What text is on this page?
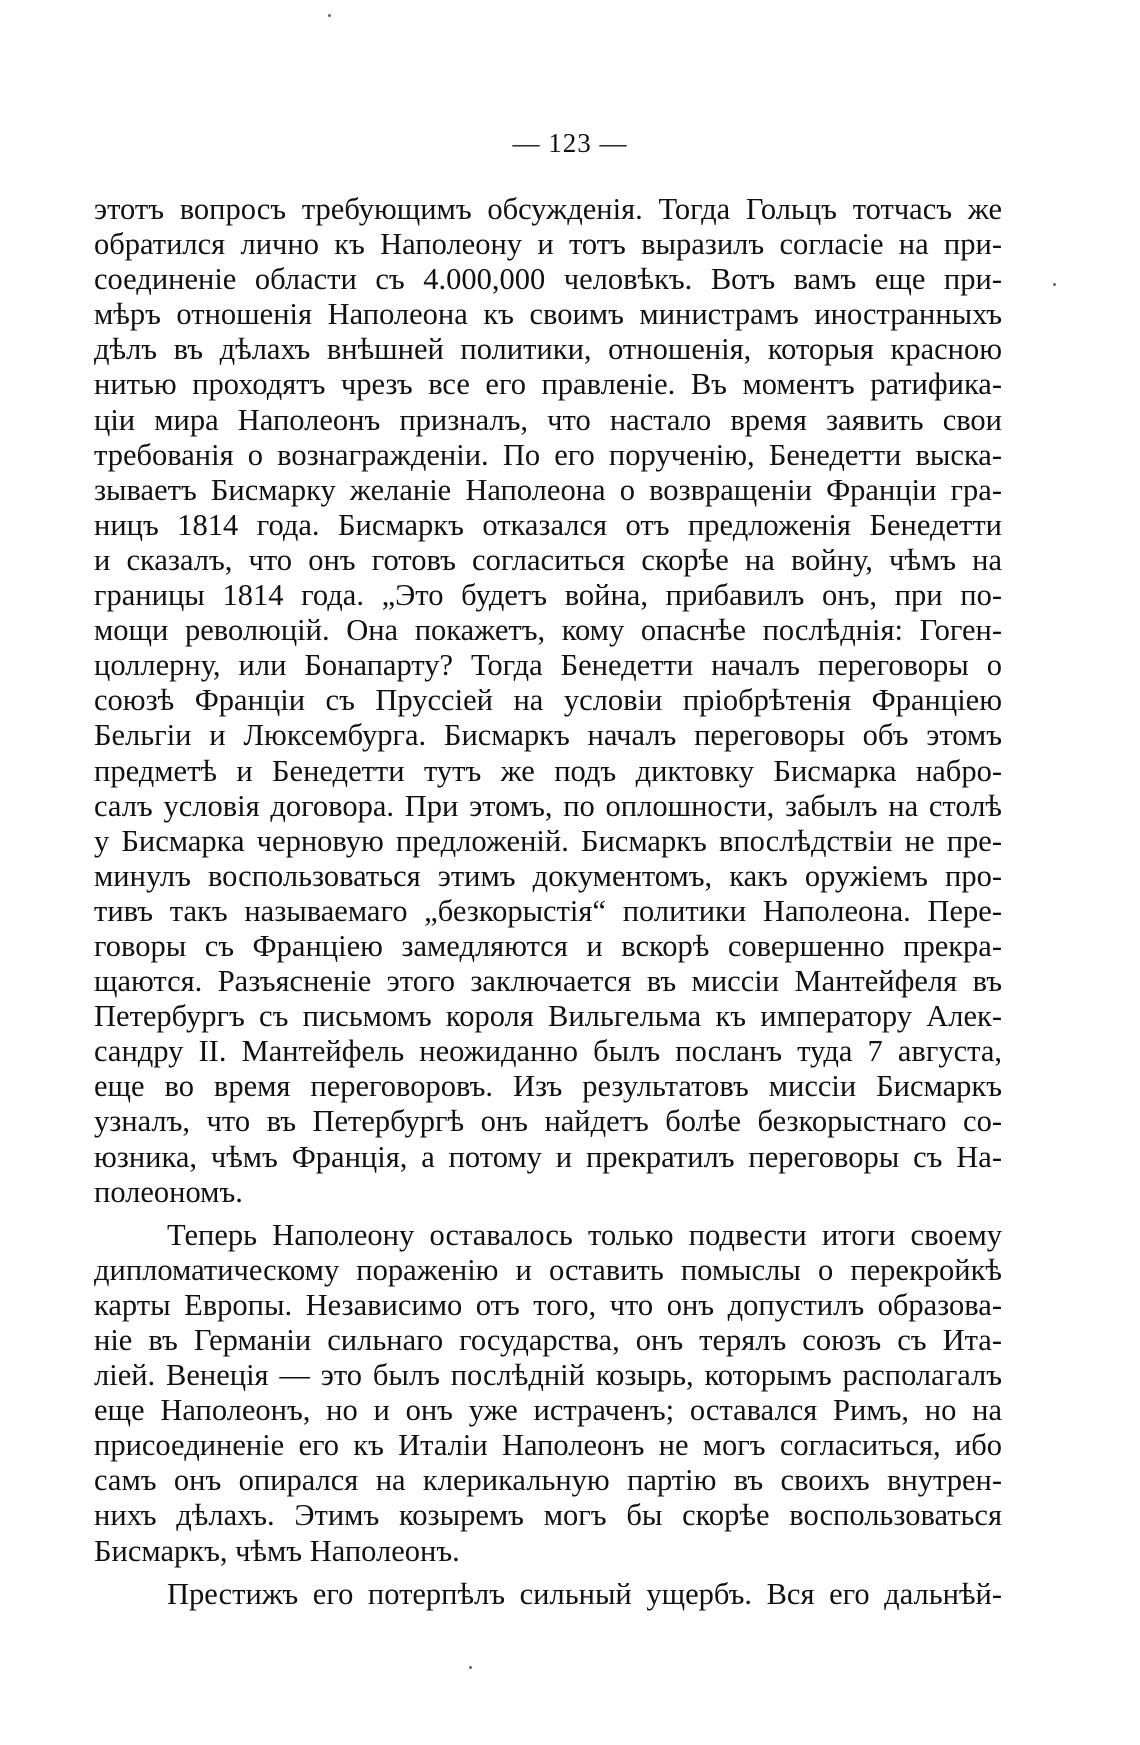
— 123 —
этотъ вопросъ требующимъ обсужденія. Тогда Гольцъ тотчасъ же
обратился лично къ Наполеону и тотъ выразилъ согласіе на при-
соединеніе области съ 4.000,000 человѣкъ. Вотъ вамъ еще при-
мѣръ отношенія Наполеона къ своимъ министрамъ иностранныхъ
дѣлъ въ дѣлахъ внѣшней политики, отношенія, которыя красною
нитью проходятъ чрезъ все его правленіе. Въ моментъ ратифика-
ціи мира Наполеонъ призналъ, что настало время заявить свои
требованія о вознагражденіи. По его порученію, Бенедетти выска-
зываетъ Бисмарку желаніе Наполеона о возвращеніи Франціи гра-
ницъ 1814 года. Бисмаркъ отказался отъ предложенія Бенедетти
и сказалъ, что онъ готовъ согласиться скорѣе на войну, чѣмъ на
границы 1814 года. „Это будетъ война, прибавилъ онъ, при по-
мощи революцій. Она покажетъ, кому опаснѣе послѣднія: Гоген-
цоллерну, или Бонапарту? Тогда Бенедетти началъ переговоры о
союзѣ Франціи съ Пруссіей на условіи пріобрѣтенія Франціею
Бельгіи и Люксембурга. Бисмаркъ началъ переговоры объ этомъ
предметѣ и Бенедетти тутъ же подъ диктовку Бисмарка набро-
салъ условія договора. При этомъ, по оплошности, забылъ на столѣ
у Бисмарка черновую предложеній. Бисмаркъ впослѣдствіи не пре-
минулъ воспользоваться этимъ документомъ, какъ оружіемъ про-
тивъ такъ называемаго „безкорыстія“ политики Наполеона. Пере-
говоры съ Франціею замедляются и вскорѣ совершенно прекра-
щаются. Разъясненіе этого заключается въ миссіи Мантейфеля въ
Петербургъ съ письмомъ короля Вильгельма къ императору Алек-
сандру II. Мантейфель неожиданно былъ посланъ туда 7 августа,
еще во время переговоровъ. Изъ результатовъ миссіи Бисмаркъ
узналъ, что въ Петербургѣ онъ найдетъ болѣе безкорыстнаго со-
юзника, чѣмъ Франція, а потому и прекратилъ переговоры съ На-
полеономъ.
Теперь Наполеону оставалось только подвести итоги своему
дипломатическому пораженію и оставить помыслы о перекройкѣ
карты Европы. Независимо отъ того, что онъ допустилъ образова-
ніе въ Германіи сильнаго государства, онъ терялъ союзъ съ Ита-
ліей. Венеція — это былъ послѣдній козырь, которымъ располагалъ
еще Наполеонъ, но и онъ уже истраченъ; оставался Римъ, но на
присоединеніе его къ Италіи Наполеонъ не могъ согласиться, ибо
самъ онъ опирался на клерикальную партію въ своихъ внутрен-
нихъ дѣлахъ. Этимъ козыремъ могъ бы скорѣе воспользоваться
Бисмаркъ, чѣмъ Наполеонъ.
Престижъ его потерпѣлъ сильный ущербъ. Вся его дальнѣй-
